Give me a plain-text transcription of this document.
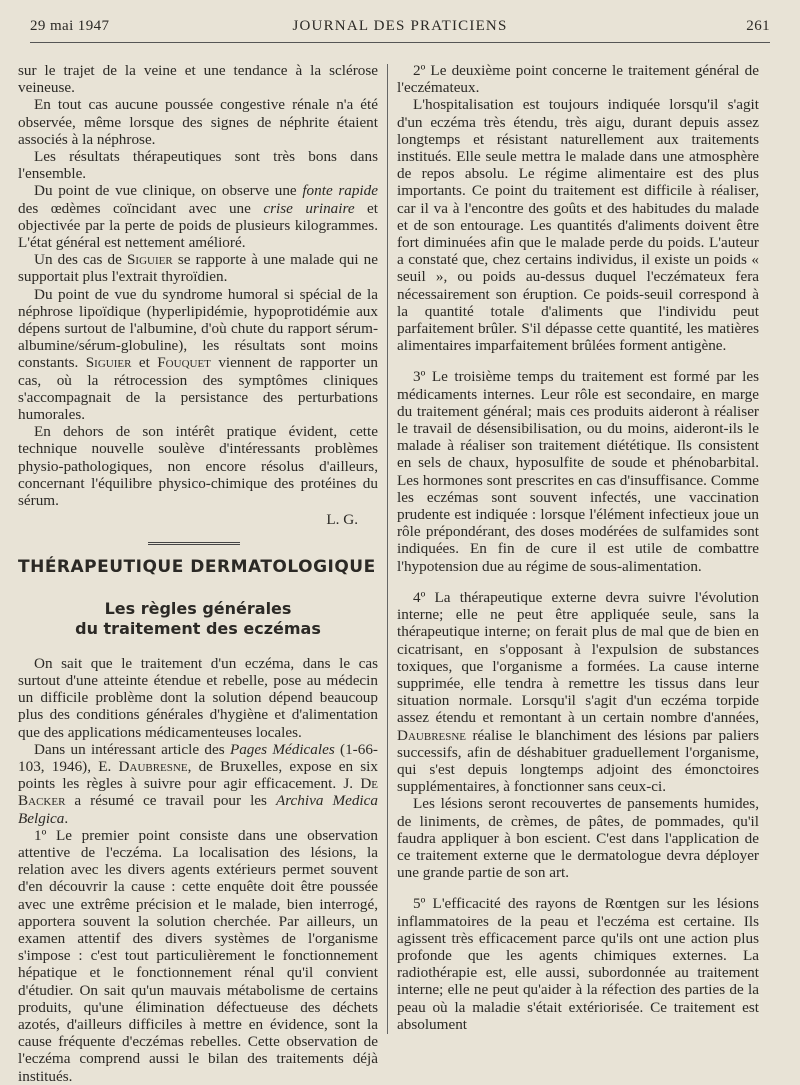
29 mai 1947	JOURNAL DES PRATICIENS	261

sur le trajet de la veine et une tendance à la sclérose veineuse.

En tout cas aucune poussée congestive rénale n'a été observée, même lorsque des signes de néphrite étaient associés à la néphrose.

Les résultats thérapeutiques sont très bons dans l'ensemble.

Du point de vue clinique, on observe une fonte rapide des œdèmes coïncidant avec une crise urinaire et objectivée par la perte de poids de plusieurs kilogrammes. L'état général est nettement amélioré.

Un des cas de Siguier se rapporte à une malade qui ne supportait plus l'extrait thyroïdien.

Du point de vue du syndrome humoral si spécial de la néphrose lipoïdique (hyperlipidémie, hypoprotidémie aux dépens surtout de l'albumine, d'où chute du rapport sérum-albumine/sérum-globuline), les résultats sont moins constants. Siguier et Fouquet viennent de rapporter un cas, où la rétrocession des symptômes cliniques s'accompagnait de la persistance des perturbations humorales.

En dehors de son intérêt pratique évident, cette technique nouvelle soulève d'intéressants problèmes physio-pathologiques, non encore résolus d'ailleurs, concernant l'équilibre physico-chimique des protéines du sérum.

L. G.

THÉRAPEUTIQUE DERMATOLOGIQUE
Les règles générales
du traitement des eczémas

On sait que le traitement d'un eczéma, dans le cas surtout d'une atteinte étendue et rebelle, pose au médecin un difficile problème dont la solution dépend beaucoup plus des conditions générales d'hygiène et d'alimentation que des applications médicamenteuses locales.

Dans un intéressant article des Pages Médicales (1-66-103, 1946), E. Daubresne, de Bruxelles, expose en six points les règles à suivre pour agir efficacement. J. De Backer a résumé ce travail pour les Archiva Medica Belgica.

1º Le premier point consiste dans une observation attentive de l'eczéma. La localisation des lésions, la relation avec les divers agents extérieurs permet souvent d'en découvrir la cause : cette enquête doit être poussée avec une extrême précision et le malade, bien interrogé, apportera souvent la solution cherchée. Par ailleurs, un examen attentif des divers systèmes de l'organisme s'impose : c'est tout particulièrement le fonctionnement hépatique et le fonctionnement rénal qu'il convient d'étudier. On sait qu'un mauvais métabolisme de certains produits, qu'une élimination défectueuse des déchets azotés, d'ailleurs difficiles à mettre en évidence, sont la cause fréquente d'eczémas rebelles. Cette observation de l'eczéma comprend aussi le bilan des traitements déjà institués.

2º Le deuxième point concerne le traitement général de l'eczémateux.

L'hospitalisation est toujours indiquée lorsqu'il s'agit d'un eczéma très étendu, très aigu, durant depuis assez longtemps et résistant naturellement aux traitements institués. Elle seule mettra le malade dans une atmosphère de repos absolu. Le régime alimentaire est des plus importants. Ce point du traitement est difficile à réaliser, car il va à l'encontre des goûts et des habitudes du malade et de son entourage. Les quantités d'aliments doivent être fort diminuées afin que le malade perde du poids. L'auteur a constaté que, chez certains individus, il existe un poids « seuil », ou poids au-dessus duquel l'eczémateux fera nécessairement son éruption. Ce poids-seuil correspond à la quantité totale d'aliments que l'individu peut parfaitement brûler. S'il dépasse cette quantité, les matières alimentaires imparfaitement brûlées forment antigène.

3º Le troisième temps du traitement est formé par les médicaments internes. Leur rôle est secondaire, en marge du traitement général; mais ces produits aideront à réaliser le travail de désensibilisation, ou du moins, aideront-ils le malade à réaliser son traitement diététique. Ils consistent en sels de chaux, hyposulfite de soude et phénobarbital. Les hormones sont prescrites en cas d'insuffisance. Comme les eczémas sont souvent infectés, une vaccination prudente est indiquée : lorsque l'élément infectieux joue un rôle prépondérant, des doses modérées de sulfamides sont indiquées. En fin de cure il est utile de combattre l'hypotension due au régime de sous-alimentation.

4º La thérapeutique externe devra suivre l'évolution interne; elle ne peut être appliquée seule, sans la thérapeutique interne; on ferait plus de mal que de bien en cicatrisant, en s'opposant à l'expulsion de substances toxiques, que l'organisme a formées. La cause interne supprimée, elle tendra à remettre les tissus dans leur situation normale. Lorsqu'il s'agit d'un eczéma torpide assez étendu et remontant à un certain nombre d'années, Daubresne réalise le blanchiment des lésions par paliers successifs, afin de déshabituer graduellement l'organisme, qui s'est depuis longtemps adjoint des émonctoires supplémentaires, à fonctionner sans ceux-ci.

Les lésions seront recouvertes de pansements humides, de liniments, de crèmes, de pâtes, de pommades, qu'il faudra appliquer à bon escient. C'est dans l'application de ce traitement externe que le dermatologue devra déployer une grande partie de son art.

5º L'efficacité des rayons de Rœntgen sur les lésions inflammatoires de la peau et l'eczéma est certaine. Ils agissent très efficacement parce qu'ils ont une action plus profonde que les agents chimiques externes. La radiothérapie est, elle aussi, subordonnée au traitement interne; elle ne peut qu'aider à la réfection des parties de la peau où la maladie s'était extériorisée. Ce traitement est absolument
